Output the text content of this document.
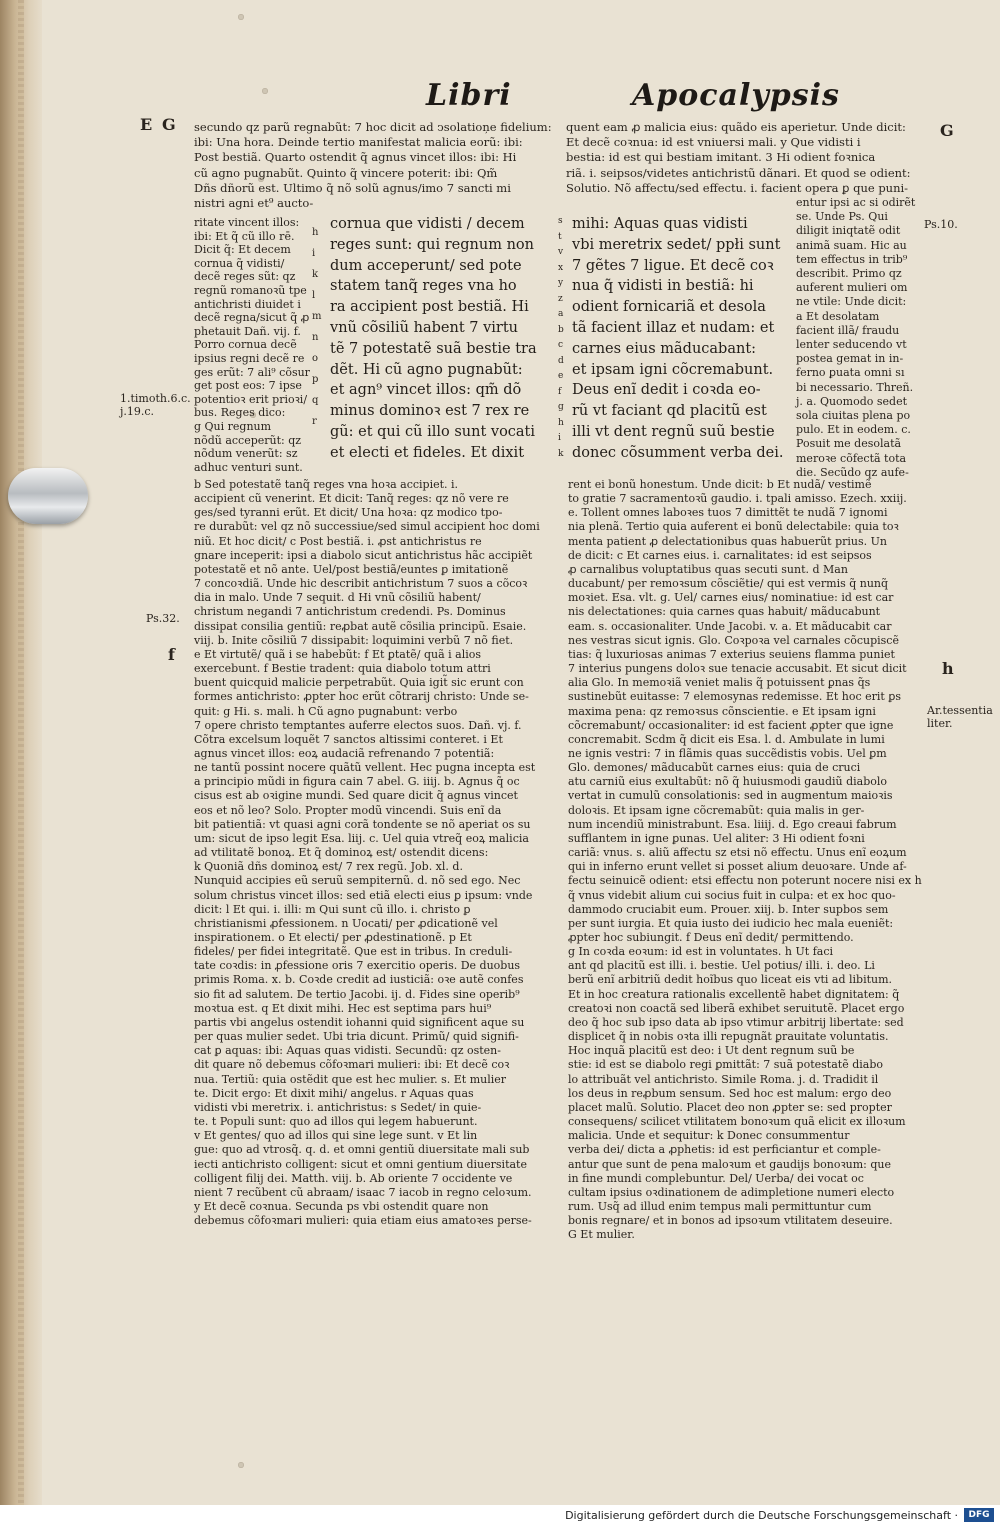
Libri	Apocalypsis
E G	G
Ps.10.
1.timoth.6.c.
j.19.c.
Ps.32.
f
h
Ar.tessentia
liter.
secundo qz parũ regnabũt: 7 hoc dicit ad ↄsolatioņe fidelium:
ibi: Una hora. Deinde tertio manifestat malicia eorũ: ibi:
Post bestiã. Quarto ostendit q̃ agnus vincet illos: ibi: Hi
cũ agno pugnabũt. Quinto q̃ vincere poterit: ibi: Qm̃
Dñs dñorũ est. Ultimo q̃ nõ solũ agnus/imo 7 sancti mi
nistri agni et⁹ aucto-
ritate vincent illos:
ibi: Et q̃ cũ illo rē.
Dicit q̃: Et decem
cornua q̃ vidisti/
decẽ reges sũt: qz
regnũ romanoꝛũ tpe
antichristi diuidet i
decẽ regna/sicut q̃ ꝓ
phetauit Dañ. vij. f.
Porro cornua decẽ
ipsius regni decẽ re
ges erũt: 7 ali⁹ cõsur
get post eos: 7 ipse
potentioꝛ erit prioꝛi/
bus. Reges dico:
g Qui regnum
nõdũ acceperũt: qz
nõdum venerũt: sz
adhuc venturi sunt.
cornua que vidisti / decem
reges sunt: qui regnum non
dum acceperunt/ sed pote
statem tanq̃ reges vna ho
ra accipient post bestiã. Hi
vnũ cõsiliũ habent 7 virtu
tẽ 7 potestatẽ suã bestie tra
dẽt. Hi cũ agno pugnabũt:
et agn⁹ vincet illos: qm̃ dõ
minus dominoꝛ est 7 rex re
gũ: et qui cũ illo sunt vocati
et electi et fideles. Et dixit
h
i
k
l
m
n
o
p
q
r
s
t
v
x
y
z
a
b
c
d
e
f
g
h
i
k
mihi: Aquas quas vidisti
vbi meretrix sedet/ ppłi sunt
7 gẽtes 7 ligue. Et decẽ coꝛ
nua q̃ vidisti in bestiã: hi
odient fornicariã et desola
tã facient illaz et nudam: et
carnes eius mãducabant:
et ipsam igni cõcremabunt.
Deus enĩ dedit i coꝛda eo-
rũ vt faciant qd placitũ est
illi vt dent regnũ suũ bestie
donec cõsumment verba dei.
quent eam ꝓ malicia eius: quãdo eis aperietur. Unde dicit:
Et decẽ coꝛnua: id est vniuersi mali. y Que vidisti i
bestia: id est qui bestiam imitant. 3 Hi odient foꝛnica
riã. i. seipsos/videtes antichristũ dãnari. Et quod se odient:
Solutio. Nõ affectu/sed effectu. i. facient opera ꝑ que puni-
entur ipsi ac si odirẽt
se. Unde Ps. Qui
diligit iniqtatẽ odit
animã suam. Hic au
tem effectus in trib⁹
describit. Primo qz
auferent mulieri om
ne vtile: Unde dicit:
a Et desolatam
facient illã/ fraudu
lenter seducendo vt
postea gemat in in-
ferno ꝑuata omni sı
bi necessario. Threñ.
j. a. Quomodo sedet
sola ciuitas plena po
pulo. Et in eodem. c.
Posuit me desolatã
meroꝛe cõfectã tota
die. Secũdo qz aufe-
b Sed potestatẽ tanq̃ reges vna hoꝛa accipiet. i.
accipient cũ venerint. Et dicit: Tanq̃ reges: qz nõ vere re
ges/sed tyranni erũt. Et dicit/ Una hoꝛa: qz modico tpo-
re durabũt: vel qz nõ successiue/sed simul accipient hoc domi
niũ. Et hoc dicit/ c Post bestiã. i. ꝓst antichristus re
gnare inceperit: ipsi a diabolo sicut antichristus hãc accipiẽt
potestatẽ et nõ ante. Uel/post bestiã/euntes ꝑ imitationẽ
7 concoꝛdiã. Unde hic describit antichristum 7 suos a cõcoꝛ
dia in malo. Unde 7 sequit. d Hi vnũ cõsiliũ habent/
christum negandi 7 antichristum credendi. Ps. Dominus
dissipat consilia gentiũ: reꝓbat autẽ cõsilia principũ. Esaie.
viij. b. Inite cõsiliũ 7 dissipabit: loquimini verbũ 7 nõ fiet.
e Et virtutẽ/ quã i se habebũt: f Et ꝑtatẽ/ quã i alios
exercebunt. f Bestie tradent: quia diabolo totum attri
buent quicquid malicie perpetrabũt. Quia igit̃ sic erunt con
formes antichristo: ꝓpter hoc erũt cõtrarij christo: Unde se-
quit: g Hi. s. mali. h Cũ agno pugnabunt: verbo
7 opere christo temptantes auferre electos suos. Dañ. vj. f.
Cõtra excelsum loquẽt 7 sanctos altissimi conteret. i Et
agnus vincet illos: eoꝝ audaciã refrenando 7 potentiã:
ne tantũ possint nocere quãtũ vellent. Hec pugna incepta est
a principio mũdi in figura cain 7 abel. G. iiij. b. Agnus q̃ oc
cisus est ab oꝛigine mundi. Sed quare dicit q̃ agnus vincet
eos et nõ leo? Solo. Propter modũ vincendi. Suis enĩ da
bit patientiã: vt quasi agni corã tondente se nõ aperiat os su
um: sicut de ipso legit Esa. liij. c. Uel quia vtreq̃ eoꝝ malicia
ad vtilitatẽ bonoꝝ. Et q̃ dominoꝝ est/ ostendit dicens:
k Quoniã dñs dominoꝝ est/ 7 rex regũ. Job. xl. d.
Nunquid accipies eũ seruũ sempiternũ. d. nõ sed ego. Nec
solum christus vincet illos: sed etiã electi eius ꝑ ipsum: vnde
dicit: l Et qui. i. illi: m Qui sunt cũ illo. i. christo ꝑ
christianismi ꝓfessionem. n Uocati/ per ꝓdicationẽ vel
inspirationem. o Et electi/ per ꝓdestinationẽ. p Et
fideles/ per fidei integritatẽ. Que est in tribus. In creduli-
tate coꝛdis: in ꝓfessione oris 7 exercitio operis. De duobus
primis Roma. x. b. Coꝛde credit ad iusticiã: oꝛe autẽ confes
sio fit ad salutem. De tertio Jacobi. ij. d. Fides sine operib⁹
moꝛtua est. q Et dixit mihi. Hec est septima pars hui⁹
partis vbi angelus ostendit iohanni quid significent aque su
per quas mulier sedet. Ubi tria dicunt. Primũ/ quid signifi-
cat ꝑ aquas: ibi: Aquas quas vidisti. Secundũ: qz osten-
dit quare nõ debemus cõfoꝛmari mulieri: ibi: Et decẽ coꝛ
nua. Tertiũ: quia ostẽdit que est hec mulier. s. Et mulier
te. Dicit ergo: Et dixit mihi/ angelus. r Aquas quas
vidisti vbi meretrix. i. antichristus: s Sedet/ in quie-
te. t Populi sunt: quo ad illos qui legem habuerunt.
v Et gentes/ quo ad illos qui sine lege sunt. v Et lin
gue: quo ad vtrosq̃. q. d. et omni gentiũ diuersitate mali sub
iecti antichristo colligent: sicut et omni gentium diuersitate
colligent filij dei. Matth. viij. b. Ab oriente 7 occidente ve
nient 7 recũbent cũ abraam/ isaac 7 iacob in regno celoꝛum.
y Et decẽ coꝛnua. Secunda ps vbi ostendit quare non
debemus cõfoꝛmari mulieri: quia etiam eius amatoꝛes perse-
rent ei bonũ honestum. Unde dicit: b Et nudã/ vestimẽ
to gratie 7 sacramentoꝛũ gaudio. i. tpali amisso. Ezech. xxiij.
e. Tollent omnes laboꝛes tuos 7 dimittẽt te nudã 7 ignomi
nia plenã. Tertio quia auferent ei bonũ delectabile: quia toꝛ
menta patient ꝓ delectationibus quas habuerũt prius. Un
de dicit: c Et carnes eius. i. carnalitates: id est seipsos
ꝓ carnalibus voluptatibus quas secuti sunt. d Man
ducabunt/ per remoꝛsum cõsciẽtie/ qui est vermis q̃ nunq̃
moꝛiet. Esa. vlt. g. Uel/ carnes eius/ nominatiue: id est car
nis delectationes: quia carnes quas habuit/ mãducabunt
eam. s. occasionaliter. Unde Jacobi. v. a. Et mãducabit car
nes vestras sicut ignis. Glo. Coꝛpoꝛa vel carnales cõcupiscẽ
tias: q̃ luxuriosas animas 7 exterius seuiens flamma puniet
7 interius pungens doloꝛ sue tenacie accusabit. Et sicut dicit
alia Glo. In memoꝛiã veniet malis q̃ potuissent ꝑnas q̃s
sustinebũt euitasse: 7 elemosynas redemisse. Et hoc erit ꝑs
maxima pena: qz remoꝛsus cõnscientie. e Et ipsam igni
cõcremabunt/ occasionaliter: id est facient ꝓpter que igne
concremabit. Scdm q̃ dicit eis Esa. l. d. Ambulate in lumi
ne ignis vestri: 7 in flãmis quas succẽdistis vobis. Uel ꝑm
Glo. demones/ mãducabũt carnes eius: quia de cruci
atu carniũ eius exultabũt: nõ q̃ huiusmodi gaudiũ diabolo
vertat in cumulũ consolationis: sed in augmentum maioꝛis
doloꝛis. Et ipsam igne cõcremabũt: quia malis in ger-
num incendiũ ministrabunt. Esa. liiij. d. Ego creaui fabrum
sufflantem in igne ꝑunas. Uel aliter: 3 Hi odient foꝛni
cariã: vnus. s. aliũ affectu sz etsi nõ effectu. Unus enĩ eoꝝum
qui in inferno erunt vellet si posset alium deuoꝛare. Unde af-
fectu seinuicẽ odient: etsi effectu non poterunt nocere nisi ex h
q̃ vnus videbit alium cui socius fuit in culpa: et ex hoc quo-
dammodo cruciabit eum. Prouer. xiij. b. Inter supbos sem
per sunt iurgia. Et quia iusto dei iudicio hec mala eueniẽt:
ꝓpter hoc subiungit. f Deus enĩ dedit/ permittendo.
g In coꝛda eoꝛum: id est in voluntates. h Ut faci
ant qd placitũ est illi. i. bestie. Uel potius/ illi. i. deo. Li
berũ enĩ arbitriũ dedit hoĩbus quo liceat eis vti ad libitum.
Et in hoc creatura rationalis excellentẽ habet dignitatem: q̃
creatoꝛi non coactã sed liberã exhibet seruitutẽ. Placet ergo
deo q̃ hoc sub ipso data ab ipso vtimur arbitrij libertate: sed
displicet q̃ in nobis oꝛta illi repugnãt ꝑrauitate voluntatis.
Hoc inquã placitũ est deo: i Ut dent regnum suũ be
stie: id est se diabolo regi ꝑmittãt: 7 suã potestatẽ diabo
lo attribuãt vel antichristo. Simile Roma. j. d. Tradidit il
los deus in reꝓbum sensum. Sed hoc est malum: ergo deo
placet malũ. Solutio. Placet deo non ꝓpter se: sed propter
consequens/ scilicet vtilitatem bonoꝛum quã elicit ex illoꝛum
malicia. Unde et sequitur: k Donec consummentur
verba dei/ dicta a ꝓphetis: id est perficiantur et comple-
antur que sunt de pena maloꝛum et gaudijs bonoꝛum: que
in fine mundi complebuntur. Del/ Uerba/ dei vocat oc
cultam ipsius oꝛdinationem de adimpletione numeri electo
rum. Usq̃ ad illud enim tempus mali permittuntur cum
bonis regnare/ et in bonos ad ipsoꝛum vtilitatem deseuire.
G Et mulier.
Digitalisierung gefördert durch die Deutsche Forschungsgemeinschaft ·	DFG
